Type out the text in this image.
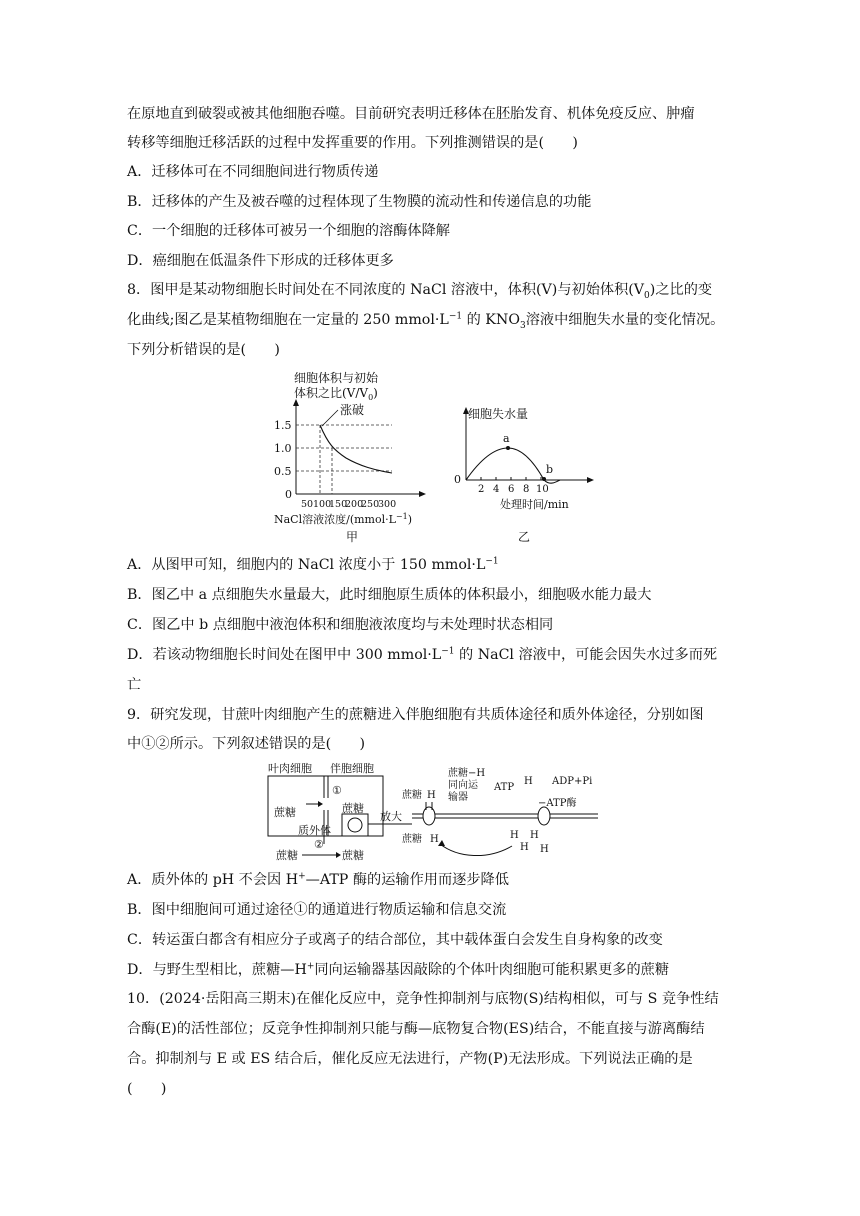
在原地直到破裂或被其他细胞吞噬。目前研究表明迁移体在胚胎发育、机体免疫反应、肿瘤
转移等细胞迁移活跃的过程中发挥重要的作用。下列推测错误的是(　　)
A．迁移体可在不同细胞间进行物质传递
B．迁移体的产生及被吞噬的过程体现了生物膜的流动性和传递信息的功能
C．一个细胞的迁移体可被另一个细胞的溶酶体降解
D．癌细胞在低温条件下形成的迁移体更多
8．图甲是某动物细胞长时间处在不同浓度的 NaCl 溶液中，体积(V)与初始体积$(V_0)$之比的变
化曲线;图乙是某植物细胞在一定量的 250 $mmol\cdot L^{-1}$ 的 $KNO_3$溶液中细胞失水量的变化情况。
下列分析错误的是(　　)
细胞体积与初始
体积之比$(V/V_0)$
涨破
1.5
1.0
0.5
0
50 100
150
200
250
300
NaCl溶液浓度$/(mmol\cdot L^{-1})$
甲
细胞失水量
a
b
0
2 4 6 8 10
处理时间/min
乙
A．从图甲可知，细胞内的 NaCl 浓度小于 150 $mmol\cdot L^{-1}$
B．图乙中 a 点细胞失水量最大，此时细胞原生质体的体积最小，细胞吸水能力最大
C．图乙中 b 点细胞中液泡体积和细胞液浓度均与未处理时状态相同
D．若该动物细胞长时间处在图甲中 300 $mmol\cdot L^{-1}$ 的 NaCl 溶液中，可能会因失水过多而死
亡
9．研究发现，甘蔗叶肉细胞产生的蔗糖进入伴胞细胞有共质体途径和质外体途径，分别如图
中①②所示。下列叙述错误的是(　　)
叶肉细胞 伴胞细胞
①
蔗糖	蔗糖
质外体
②
蔗糖	蔗糖
放大
蔗糖 H
蔗糖−H
同向运
输器
蔗糖 H
ATP
H ADP+Pi
−ATP酶
H H
H H
A．质外体的 pH 不会因 H+—ATP 酶的运输作用而逐步降低
B．图中细胞间可通过途径①的通道进行物质运输和信息交流
C．转运蛋白都含有相应分子或离子的结合部位，其中载体蛋白会发生自身构象的改变
D．与野生型相比，蔗糖—H+同向运输器基因敲除的个体叶肉细胞可能积累更多的蔗糖
10．(2024·岳阳高三期末)在催化反应中，竞争性抑制剂与底物(S)结构相似，可与 S 竞争性结
合酶(E)的活性部位；反竞争性抑制剂只能与酶—底物复合物(ES)结合，不能直接与游离酶结
合。抑制剂与 E 或 ES 结合后，催化反应无法进行，产物(P)无法形成。下列说法正确的是
(　　)
